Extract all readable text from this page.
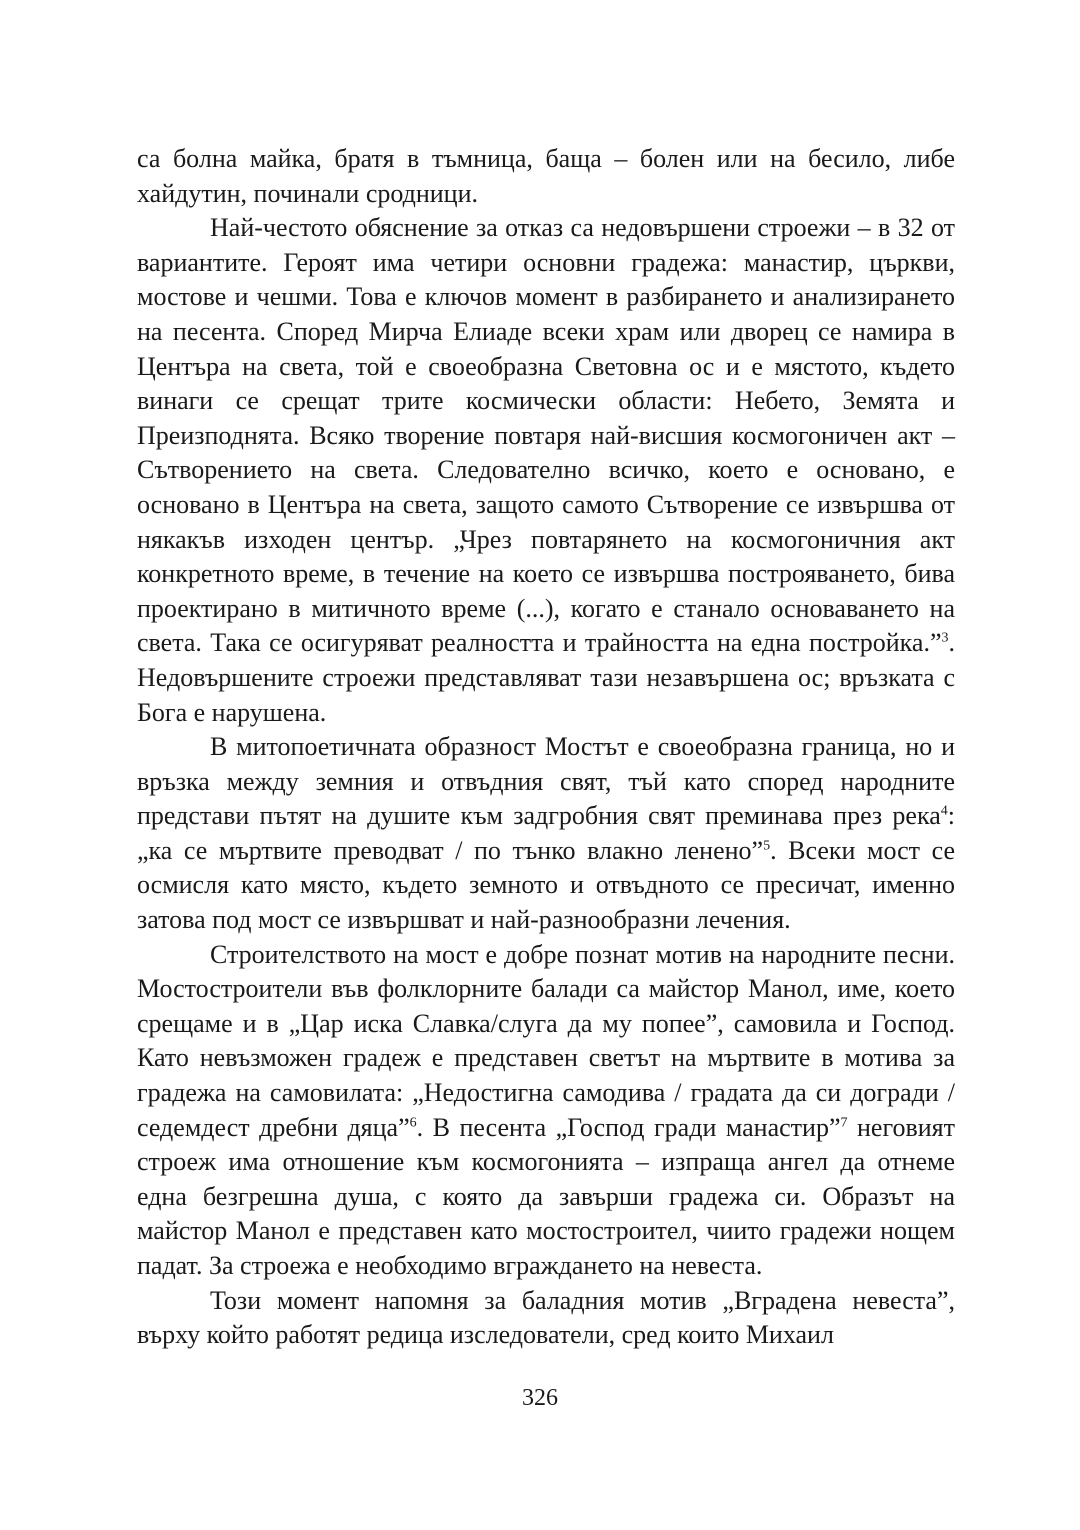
са болна майка, братя в тъмница, баща – болен или на бесило, либе хайдутин, починали сродници.

Най-честото обяснение за отказ са недовършени строежи – в 32 от вариантите. Героят има четири основни градежа: манастир, църкви, мостове и чешми. Това е ключов момент в разбирането и анализирането на песента. Според Мирча Елиаде всеки храм или дворец се намира в Центъра на света, той е своеобразна Световна ос и е мястото, където винаги се срещат трите космически области: Небето, Земята и Преизподнята. Всяко творение повтаря най-висшия космогоничен акт – Сътворението на света. Следователно всичко, което е основано, е основано в Центъра на света, защото самото Сътворение се извършва от някакъв изходен център. „Чрез повтарянето на космогоничния акт конкретното време, в течение на което се извършва построяването, бива проектирано в митичното време (...), когато е станало основаването на света. Така се осигуряват реалността и трайността на една постройка.”$^3$. Недовършените строежи представляват тази незавършена ос; връзката с Бога е нарушена.

В митопоетичната образност Мостът е своеобразна граница, но и връзка между земния и отвъдния свят, тъй като според народните представи пътят на душите към задгробния свят преминава през река$^4$: „ка се мъртвите преводват / по тънко влакно ленено”$^5$. Всеки мост се осмисля като място, където земното и отвъдното се пресичат, именно затова под мост се извършват и най-разнообразни лечения.

Строителството на мост е добре познат мотив на народните песни. Мостостроители във фолклорните балади са майстор Манол, име, което срещаме и в „Цар иска Славка/слуга да му попее”, самовила и Господ. Като невъзможен градеж е представен светът на мъртвите в мотива за градежа на самовилата: „Недостигна самодива / градата да си догради / седемдест дребни дяца”$^6$. В песента „Господ гради манастир”$^7$ неговият строеж има отношение към космогонията – изпраща ангел да отнеме една безгрешна душа, с която да завърши градежа си. Образът на майстор Манол е представен като мостостроител, чиито градежи нощем падат. За строежа е необходимо вграждането на невеста.

Този момент напомня за баладния мотив „Вградена невеста”, върху който работят редица изследователи, сред които Михаил

326
